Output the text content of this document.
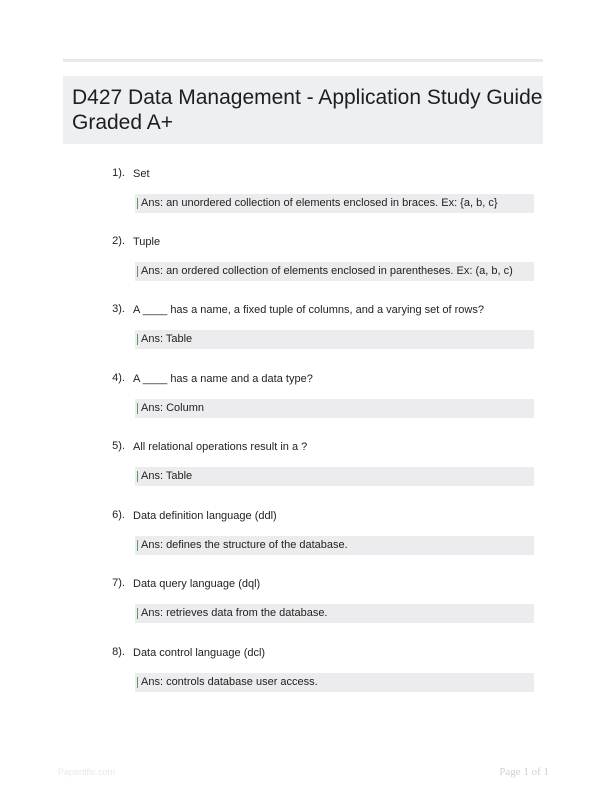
D427 Data Management - Application Study Guide Graded A+
1). Set
Ans: an unordered collection of elements enclosed in braces. Ex: {a, b, c}
2). Tuple
Ans: an ordered collection of elements enclosed in parentheses. Ex: (a, b, c)
3). A ____ has a name, a fixed tuple of columns, and a varying set of rows?
Ans: Table
4). A ____ has a name and a data type?
Ans: Column
5). All relational operations result in a ?
Ans: Table
6). Data definition language (ddl)
Ans: defines the structure of the database.
7). Data query language (dql)
Ans: retrieves data from the database.
8). Data control language (dcl)
Ans: controls database user access.
Papertific.com	Page 1 of 1
